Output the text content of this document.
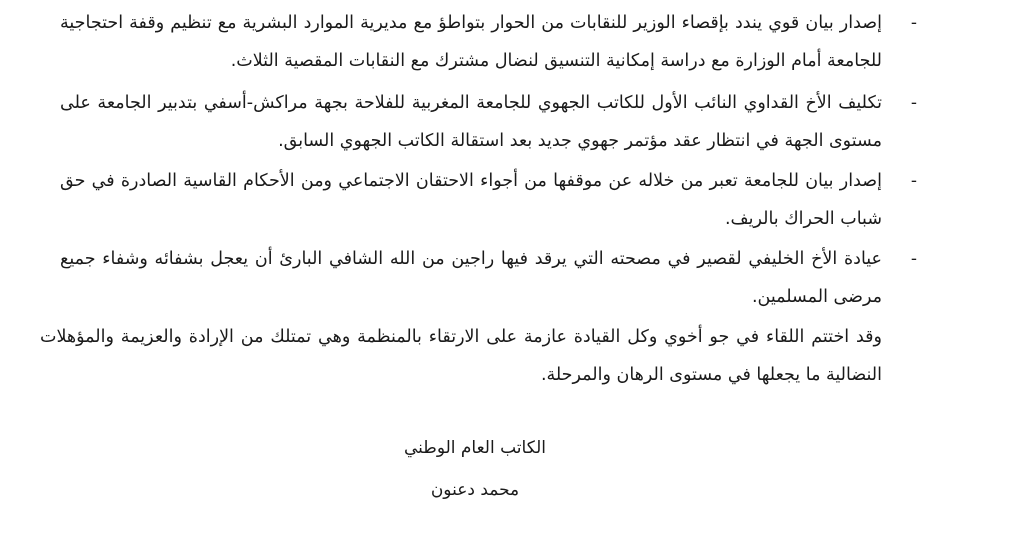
-
إصدار بيان قوي يندد بإقصاء الوزير للنقابات من الحوار بتواطؤ مع مديرية الموارد البشرية مع تنظيم وقفة احتجاجية للجامعة أمام الوزارة مع دراسة إمكانية التنسيق لنضال مشترك مع النقابات المقصية الثلاث.
-
تكليف الأخ القداوي النائب الأول للكاتب الجهوي للجامعة المغربية للفلاحة بجهة مراكش-أسفي بتدبير الجامعة على مستوى الجهة في انتظار عقد مؤتمر جهوي جديد بعد استقالة الكاتب الجهوي السابق.
-
إصدار بيان للجامعة تعبر من خلاله عن موقفها من أجواء الاحتقان الاجتماعي ومن الأحكام القاسية الصادرة في حق شباب الحراك بالريف.
-
عيادة الأخ الخليفي لقصير في مصحته التي يرقد فيها راجين من الله الشافي البارئ أن يعجل بشفائه وشفاء جميع مرضى المسلمين.
وقد اختتم اللقاء في جو أخوي وكل القيادة عازمة على الارتقاء بالمنظمة وهي تمتلك من الإرادة والعزيمة والمؤهلات النضالية ما يجعلها في مستوى الرهان والمرحلة.
الكاتب العام الوطني
محمد دعنون
